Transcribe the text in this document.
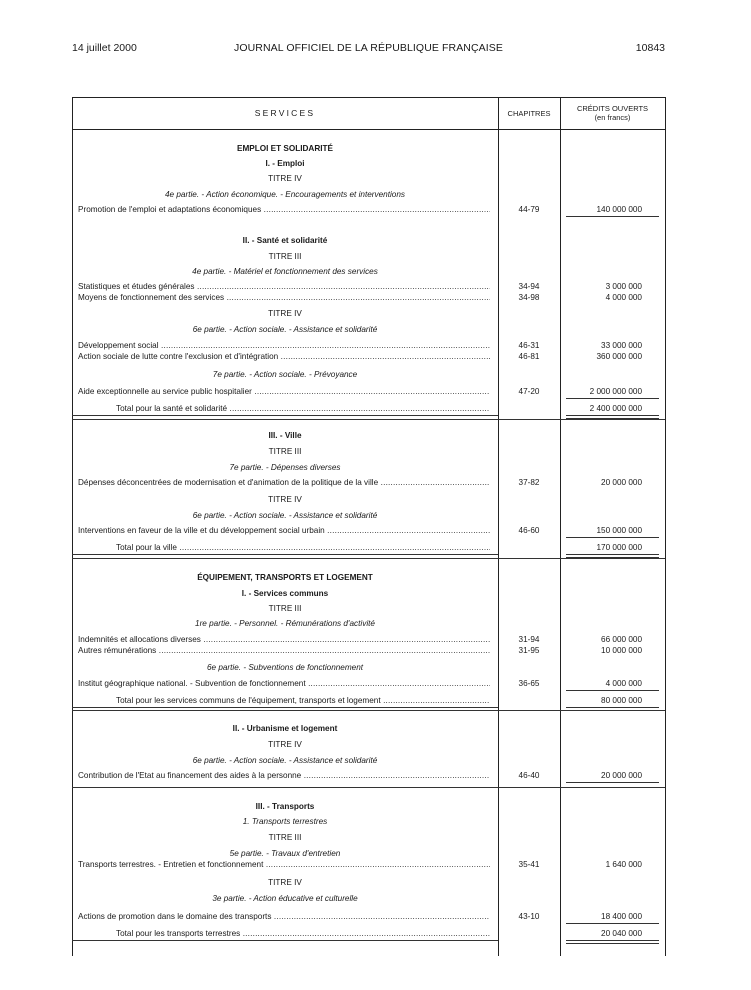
14 juillet 2000	JOURNAL OFFICIEL DE LA RÉPUBLIQUE FRANÇAISE	10843
SERVICES	CHAPITRES	CRÉDITS OUVERTS
(en francs)
EMPLOI ET SOLIDARITÉ
I. - Emploi
TITRE IV
4e partie. - Action économique. - Encouragements et interventions
Promotion de l'emploi et adaptations économiques .....	44-79	140 000 000
II. - Santé et solidarité
TITRE III
4e partie. - Matériel et fonctionnement des services
Statistiques et études générales .....	34-94	3 000 000
Moyens de fonctionnement des services .....	34-98	4 000 000
TITRE IV
6e partie. - Action sociale. - Assistance et solidarité
Développement social .....	46-31	33 000 000
Action sociale de lutte contre l'exclusion et d'intégration .....	46-81	360 000 000
7e partie. - Action sociale. - Prévoyance
Aide exceptionnelle au service public hospitalier .....	47-20	2 000 000 000
Total pour la santé et solidarité .....	2 400 000 000
III. - Ville
TITRE III
7e partie. - Dépenses diverses
Dépenses déconcentrées de modernisation et d'animation de la politique de la ville .....	37-82	20 000 000
TITRE IV
6e partie. - Action sociale. - Assistance et solidarité
Interventions en faveur de la ville et du développement social urbain .....	46-60	150 000 000
Total pour la ville .....	170 000 000
ÉQUIPEMENT, TRANSPORTS ET LOGEMENT
I. - Services communs
TITRE III
1re partie. - Personnel. - Rémunérations d'activité
Indemnités et allocations diverses .....	31-94	66 000 000
Autres rémunérations .....	31-95	10 000 000
6e partie. - Subventions de fonctionnement
Institut géographique national. - Subvention de fonctionnement .....	36-65	4 000 000
Total pour les services communs de l'équipement, transports et logement .....	80 000 000
II. - Urbanisme et logement
TITRE IV
6e partie. - Action sociale. - Assistance et solidarité
Contribution de l'Etat au financement des aides à la personne .....	46-40	20 000 000
III. - Transports
1. Transports terrestres
TITRE III
5e partie. - Travaux d'entretien
Transports terrestres. - Entretien et fonctionnement .....	35-41	1 640 000
TITRE IV
3e partie. - Action éducative et culturelle
Actions de promotion dans le domaine des transports .....	43-10	18 400 000
Total pour les transports terrestres .....	20 040 000
